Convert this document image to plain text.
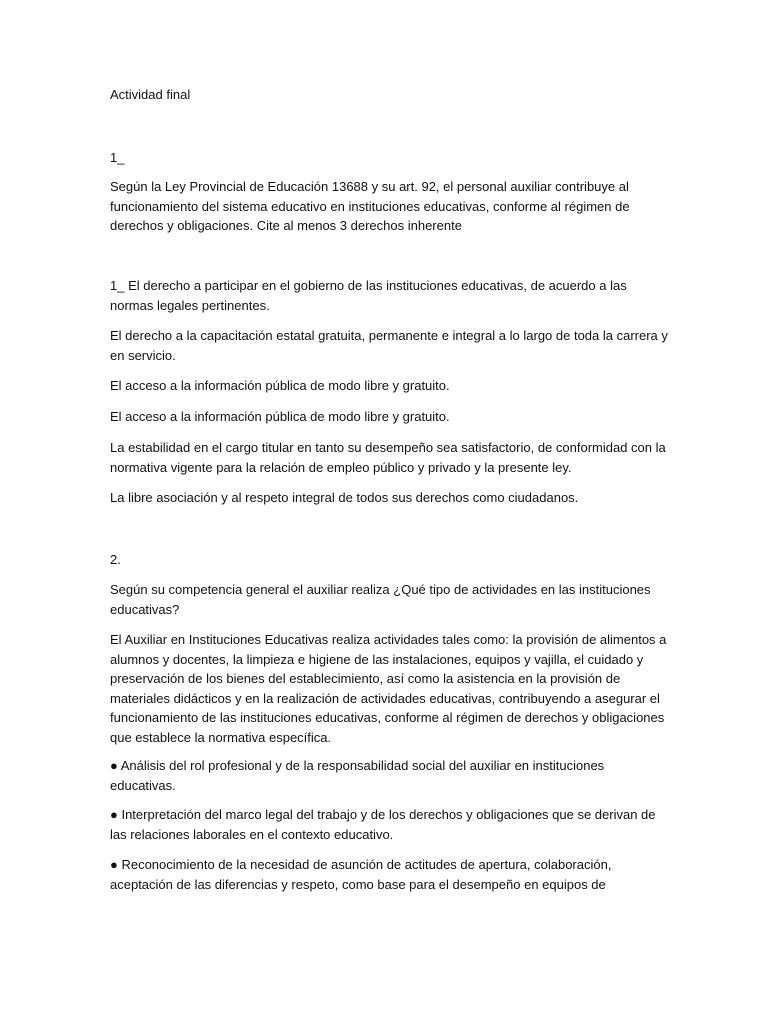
Actividad final

1_

Según la Ley Provincial de Educación 13688 y su art. 92, el personal auxiliar contribuye al funcionamiento del sistema educativo en instituciones educativas, conforme al régimen de derechos y obligaciones. Cite al menos 3 derechos inherente

1_ El derecho a participar en el gobierno de las instituciones educativas, de acuerdo a las normas legales pertinentes.

El derecho a la capacitación estatal gratuita, permanente e integral a lo largo de toda la carrera y en servicio.

El acceso a la información pública de modo libre y gratuito.

El acceso a la información pública de modo libre y gratuito.

La estabilidad en el cargo titular en tanto su desempeño sea satisfactorio, de conformidad con la normativa vigente para la relación de empleo público y privado y la presente ley.

La libre asociación y al respeto integral de todos sus derechos como ciudadanos.

2.

Según su competencia general el auxiliar realiza ¿Qué tipo de actividades en las instituciones educativas?

El Auxiliar en Instituciones Educativas realiza actividades tales como: la provisión de alimentos a alumnos y docentes, la limpieza e higiene de las instalaciones, equipos y vajilla, el cuidado y preservación de los bienes del establecimiento, así como la asistencia en la provisión de materiales didácticos y en la realización de actividades educativas, contribuyendo a asegurar el funcionamiento de las instituciones educativas, conforme al régimen de derechos y obligaciones que establece la normativa específica.

● Análisis del rol profesional y de la responsabilidad social del auxiliar en instituciones educativas.

● Interpretación del marco legal del trabajo y de los derechos y obligaciones que se derivan de las relaciones laborales en el contexto educativo.

● Reconocimiento de la necesidad de asunción de actitudes de apertura, colaboración, aceptación de las diferencias y respeto, como base para el desempeño en equipos de
